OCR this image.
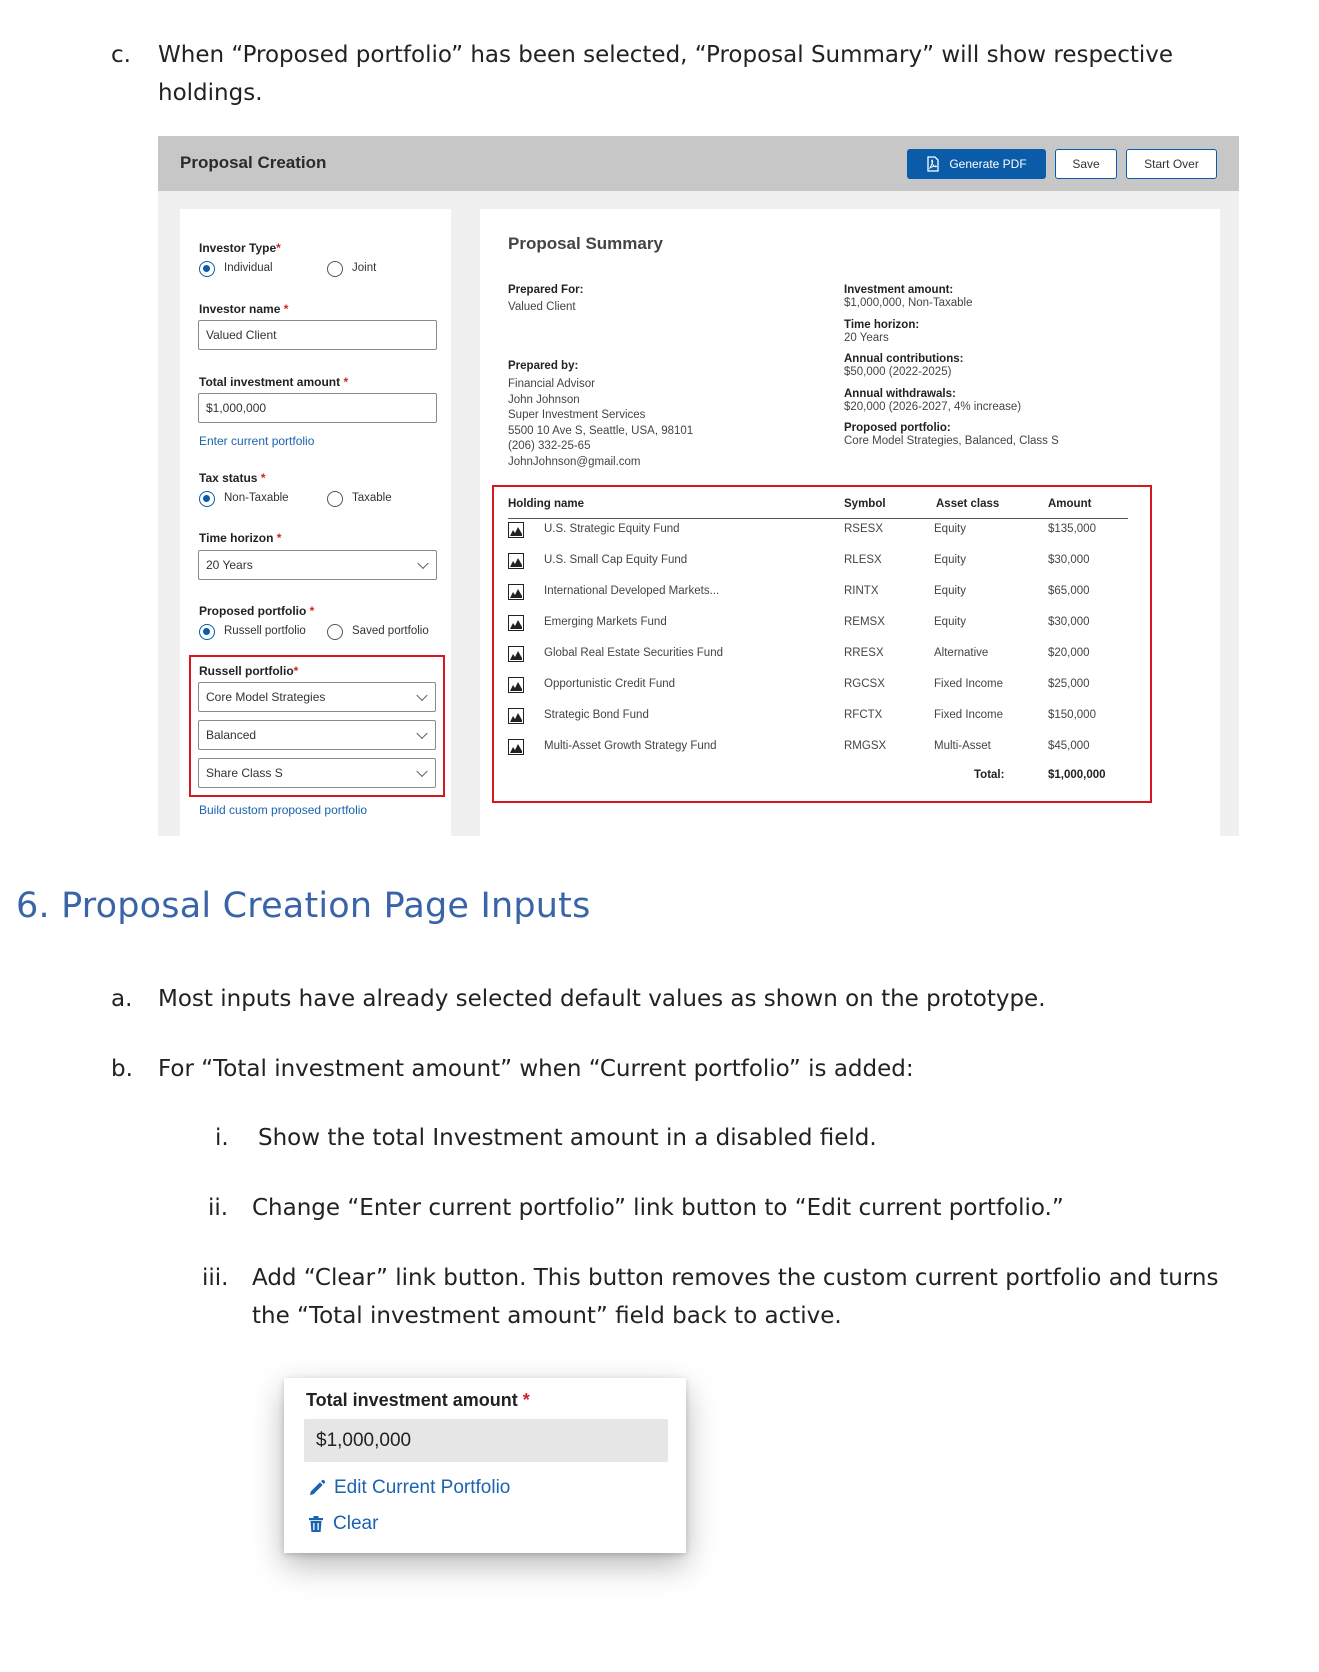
c. When “Proposed portfolio” has been selected, “Proposal Summary” will show respective
holdings.
Proposal Creation	Generate PDF	Save	Start Over
Investor Type*
Individual	Joint
Investor name *
Valued Client
Total investment amount *
$1,000,000
Enter current portfolio
Tax status *
Non-Taxable	Taxable
Time horizon *
20 Years
Proposed portfolio *
Russell portfolio	Saved portfolio
Russell portfolio*
Core Model Strategies
Balanced
Share Class S
Build custom proposed portfolio
Proposal Summary
Prepared For:
Valued Client
Prepared by:
Financial Advisor
John Johnson
Super Investment Services
5500 10 Ave S, Seattle, USA, 98101
(206) 332-25-65
JohnJohnson@gmail.com
Investment amount:
$1,000,000, Non-Taxable
Time horizon:
20 Years
Annual contributions:
$50,000 (2022-2025)
Annual withdrawals:
$20,000 (2026-2027, 4% increase)
Proposed portfolio:
Core Model Strategies, Balanced, Class S
Holding name	Symbol	Asset class	Amount
U.S. Strategic Equity Fund	RSESX	Equity	$135,000
U.S. Small Cap Equity Fund	RLESX	Equity	$30,000
International Developed Markets...	RINTX	Equity	$65,000
Emerging Markets Fund	REMSX	Equity	$30,000
Global Real Estate Securities Fund	RRESX	Alternative	$20,000
Opportunistic Credit Fund	RGCSX	Fixed Income	$25,000
Strategic Bond Fund	RFCTX	Fixed Income	$150,000
Multi-Asset Growth Strategy Fund	RMGSX	Multi-Asset	$45,000
Total:	$1,000,000
6. Proposal Creation Page Inputs
a. Most inputs have already selected default values as shown on the prototype.
b. For “Total investment amount” when “Current portfolio” is added:
i. Show the total Investment amount in a disabled field.
ii. Change “Enter current portfolio” link button to “Edit current portfolio.”
iii. Add “Clear” link button. This button removes the custom current portfolio and turns
the “Total investment amount” field back to active.
Total investment amount *
$1,000,000
Edit Current Portfolio
Clear
